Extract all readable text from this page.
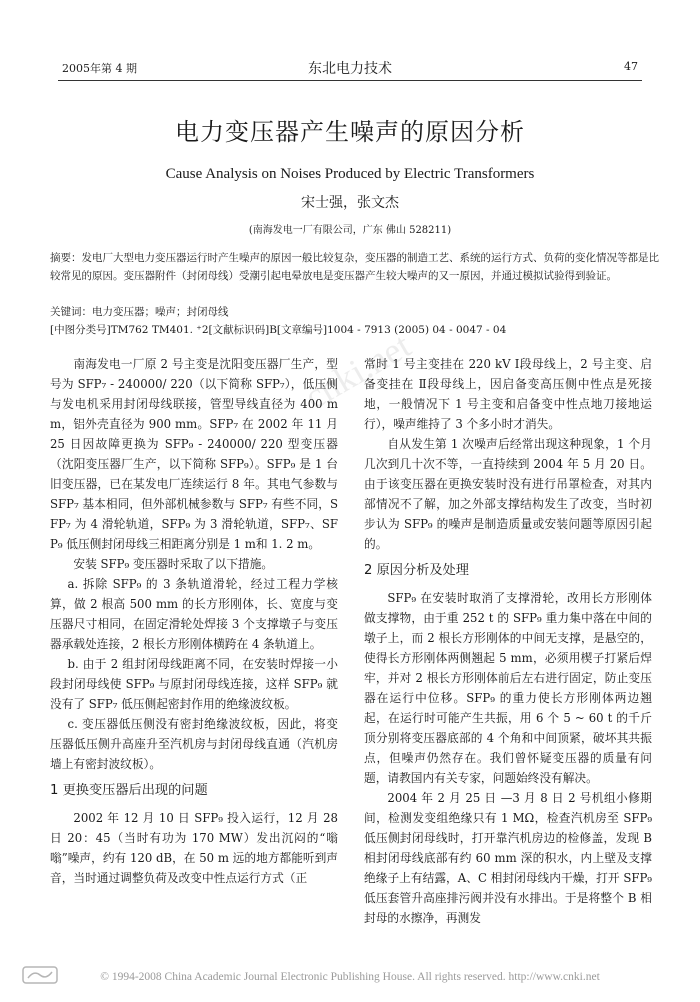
cnki.net
2005年第 4 期	东北电力技术	47
电力变压器产生噪声的原因分析
Cause Analysis on Noises Produced by Electric Transformers
宋士强，张文杰
(南海发电一厂有限公司，广东 佛山 528211)
摘要：发电厂大型电力变压器运行时产生噪声的原因一般比较复杂，变压器的制造工艺、系统的运行方式、负荷的变化情况等都是比较常见的原因。变压器附件（封闭母线）受潮引起电晕放电是变压器产生较大噪声的又一原因，并通过模拟试验得到验证。
关键词：电力变压器；噪声；封闭母线
[中图分类号]TM762 TM401. ⁺2[文献标识码]B[文章编号]1004 - 7913 (2005) 04 - 0047 - 04

南海发电一厂原 2 号主变是沈阳变压器厂生产，型号为 SFP₇ - 240000/ 220（以下简称 SFP₇），低压侧与发电机采用封闭母线联接，管型导线直径为 400 mm，铝外壳直径为 900 mm。SFP₇ 在 2002 年 11 月 25 日因故障更换为 SFP₉ - 240000/ 220 型变压器（沈阳变压器厂生产，以下简称 SFP₉）。SFP₉ 是 1 台旧变压器，已在某发电厂连续运行 8 年。其电气参数与 SFP₇ 基本相同，但外部机械参数与 SFP₇ 有些不同，SFP₇ 为 4 滑轮轨道，SFP₉ 为 3 滑轮轨道，SFP₇、SFP₉ 低压侧封闭母线三相距离分别是 1 m和 1. 2 m。

安装 SFP₉ 变压器时采取了以下措施。

a. 拆除 SFP₉ 的 3 条轨道滑轮，经过工程力学核算，做 2 根高 500 mm 的长方形刚体，长、宽度与变压器尺寸相同，在固定滑轮处焊接 3 个支撑墩子与变压器承载处连接，2 根长方形刚体横跨在 4 条轨道上。

b. 由于 2 组封闭母线距离不同，在安装时焊接一小段封闭母线使 SFP₉ 与原封闭母线连接，这样 SFP₉ 就没有了 SFP₇ 低压侧起密封作用的绝缘波纹板。

c. 变压器低压侧没有密封绝缘波纹板，因此，将变压器低压侧升高座升至汽机房与封闭母线直通（汽机房墙上有密封波纹板）。

1 更换变压器后出现的问题

2002 年 12 月 10 日 SFP₉ 投入运行，12 月 28 日 20：45（当时有功为 170 MW）发出沉闷的“嗡嗡”噪声，约有 120 dB，在 50 m 远的地方都能听到声音，当时通过调整负荷及改变中性点运行方式（正

常时 1 号主变挂在 220 kV Ⅰ段母线上，2 号主变、启备变挂在 Ⅱ段母线上，因启备变高压侧中性点是死接地，一般情况下 1 号主变和启备变中性点地刀接地运行），噪声维持了 3 个多小时才消失。

自从发生第 1 次噪声后经常出现这种现象，1 个月几次到几十次不等，一直持续到 2004 年 5 月 20 日。由于该变压器在更换安装时没有进行吊罩检查，对其内部情况不了解，加之外部支撑结构发生了改变，当时初步认为 SFP₉ 的噪声是制造质量或安装问题等原因引起的。

2 原因分析及处理

SFP₉ 在安装时取消了支撑滑轮，改用长方形刚体做支撑物，由于重 252 t 的 SFP₉ 重力集中落在中间的墩子上，而 2 根长方形刚体的中间无支撑，是悬空的，使得长方形刚体两侧翘起 5 mm，必须用楔子打紧后焊牢，并对 2 根长方形刚体前后左右进行固定，防止变压器在运行中位移。SFP₉ 的重力使长方形刚体两边翘起，在运行时可能产生共振，用 6 个 5 ~ 60 t 的千斤顶分别将变压器底部的 4 个角和中间顶紧，破坏其共振点，但噪声仍然存在。我们曾怀疑变压器的质量有问题，请教国内有关专家，问题始终没有解决。

2004 年 2 月 25 日 —3 月 8 日 2 号机组小修期间，检测发变组绝缘只有 1 MΩ，检查汽机房至 SFP₉ 低压侧封闭母线时，打开靠汽机房边的检修盖，发现 B 相封闭母线底部有约 60 mm 深的积水，内上壁及支撑绝缘子上有结露，A、C 相封闭母线内干燥，打开 SFP₉ 低压套管升高座排污阀并没有水排出。于是将整个 B 相封母的水擦净，再测发

© 1994-2008 China Academic Journal Electronic Publishing House. All rights reserved. http://www.cnki.net
